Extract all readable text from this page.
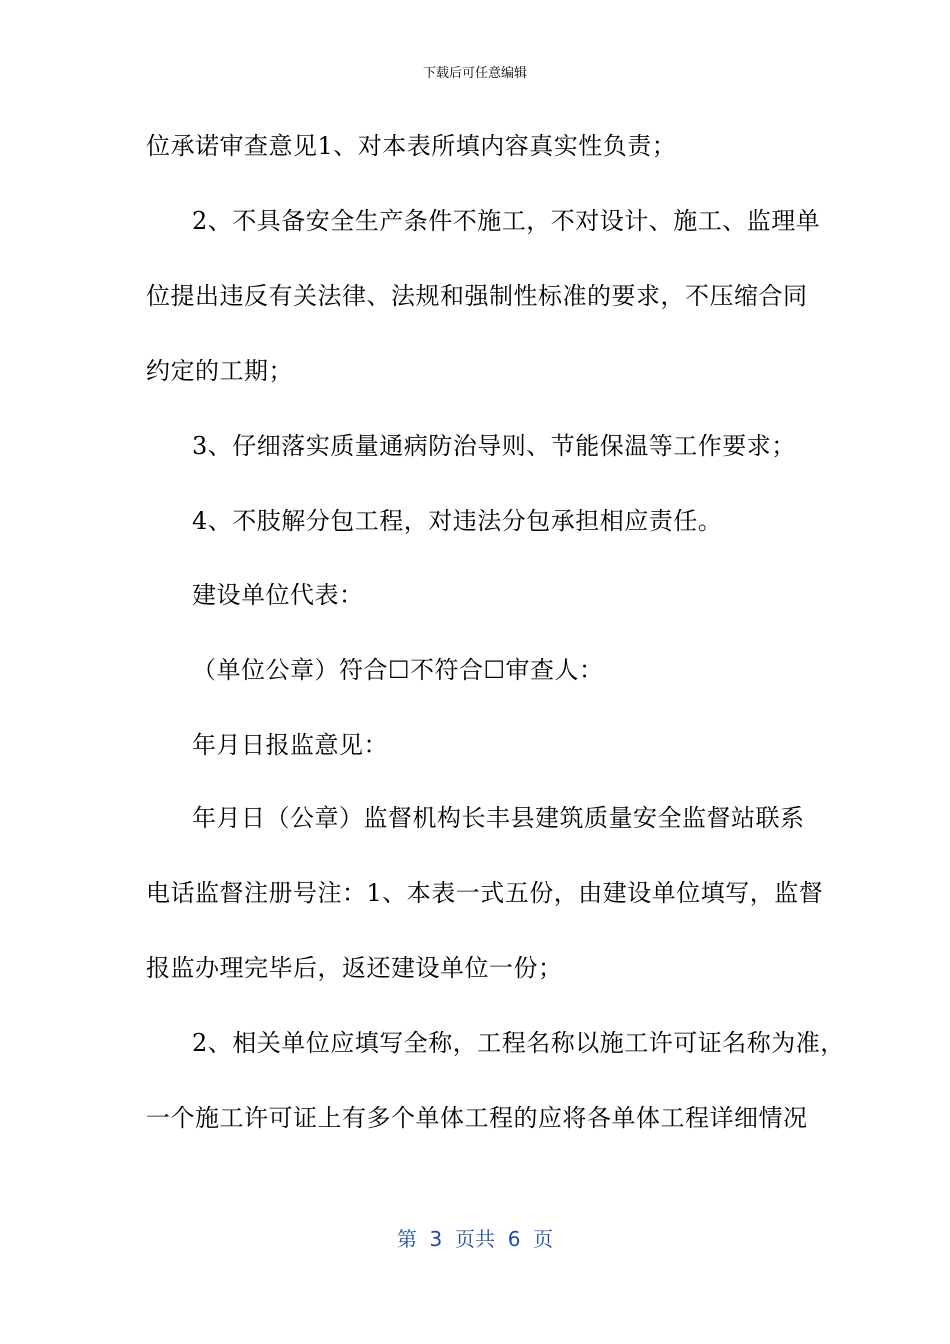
下载后可任意编辑
位承诺审查意见1、对本表所填内容真实性负责；
2、不具备安全生产条件不施工，不对设计、施工、监理单
位提出违反有关法律、法规和强制性标准的要求，不压缩合同
约定的工期；
3、仔细落实质量通病防治导则、节能保温等工作要求；
4、不肢解分包工程，对违法分包承担相应责任。
建设单位代表：
（单位公章）符合☐不符合☐审查人：
年月日报监意见：
年月日（公章）监督机构长丰县建筑质量安全监督站联系
电话监督注册号注：1、本表一式五份，由建设单位填写，监督
报监办理完毕后，返还建设单位一份；
2、相关单位应填写全称，工程名称以施工许可证名称为准，
一个施工许可证上有多个单体工程的应将各单体工程详细情况
第  3  页共  6  页
